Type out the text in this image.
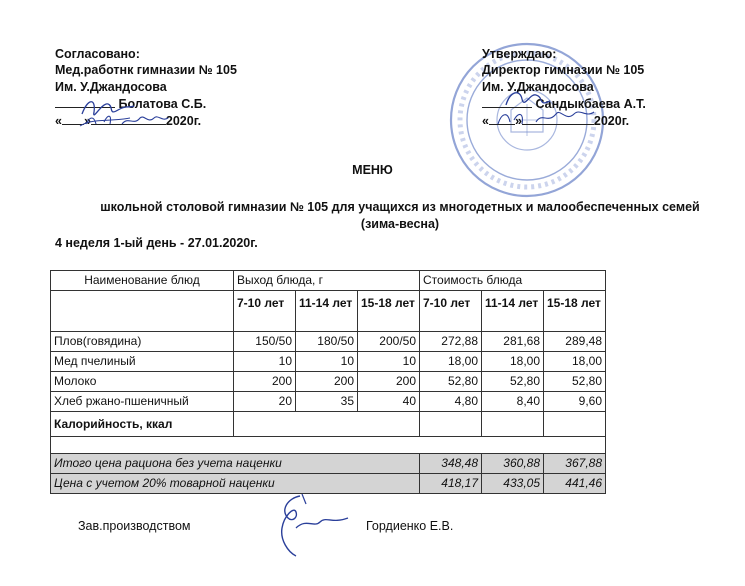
Согласовано:
Мед.работнк гимназии № 105
Им. У.Джандосова
Болатова С.Б.
« »	2020г.
Утверждаю:
Директор гимназии № 105
Им. У.Джандосова
Сандыкбаева А.Т.
« »	2020г.
МЕНЮ
школьной столовой гимназии № 105 для учащихся из многодетных и малообеспеченных семей
(зима-весна)
4 неделя 1-ый день - 27.01.2020г.
Наименование блюд	Выход блюда, г			Стоимость блюда		
	7-10 лет	11-14 лет	15-18 лет	7-10 лет	11-14 лет	15-18 лет
Плов(говядина)	150/50	180/50	200/50	272,88	281,68	289,48
Мед пчелиный	10	10	10	18,00	18,00	18,00
Молоко	200	200	200	52,80	52,80	52,80
Хлеб ржано-пшеничный	20	35	40	4,80	8,40	9,60
Калорийность, ккал						

Итого цена рациона без учета наценки				348,48	360,88	367,88
Цена с учетом 20% товарной наценки				418,17	433,05	441,46
Зав.производством	Гордиенко Е.В.
